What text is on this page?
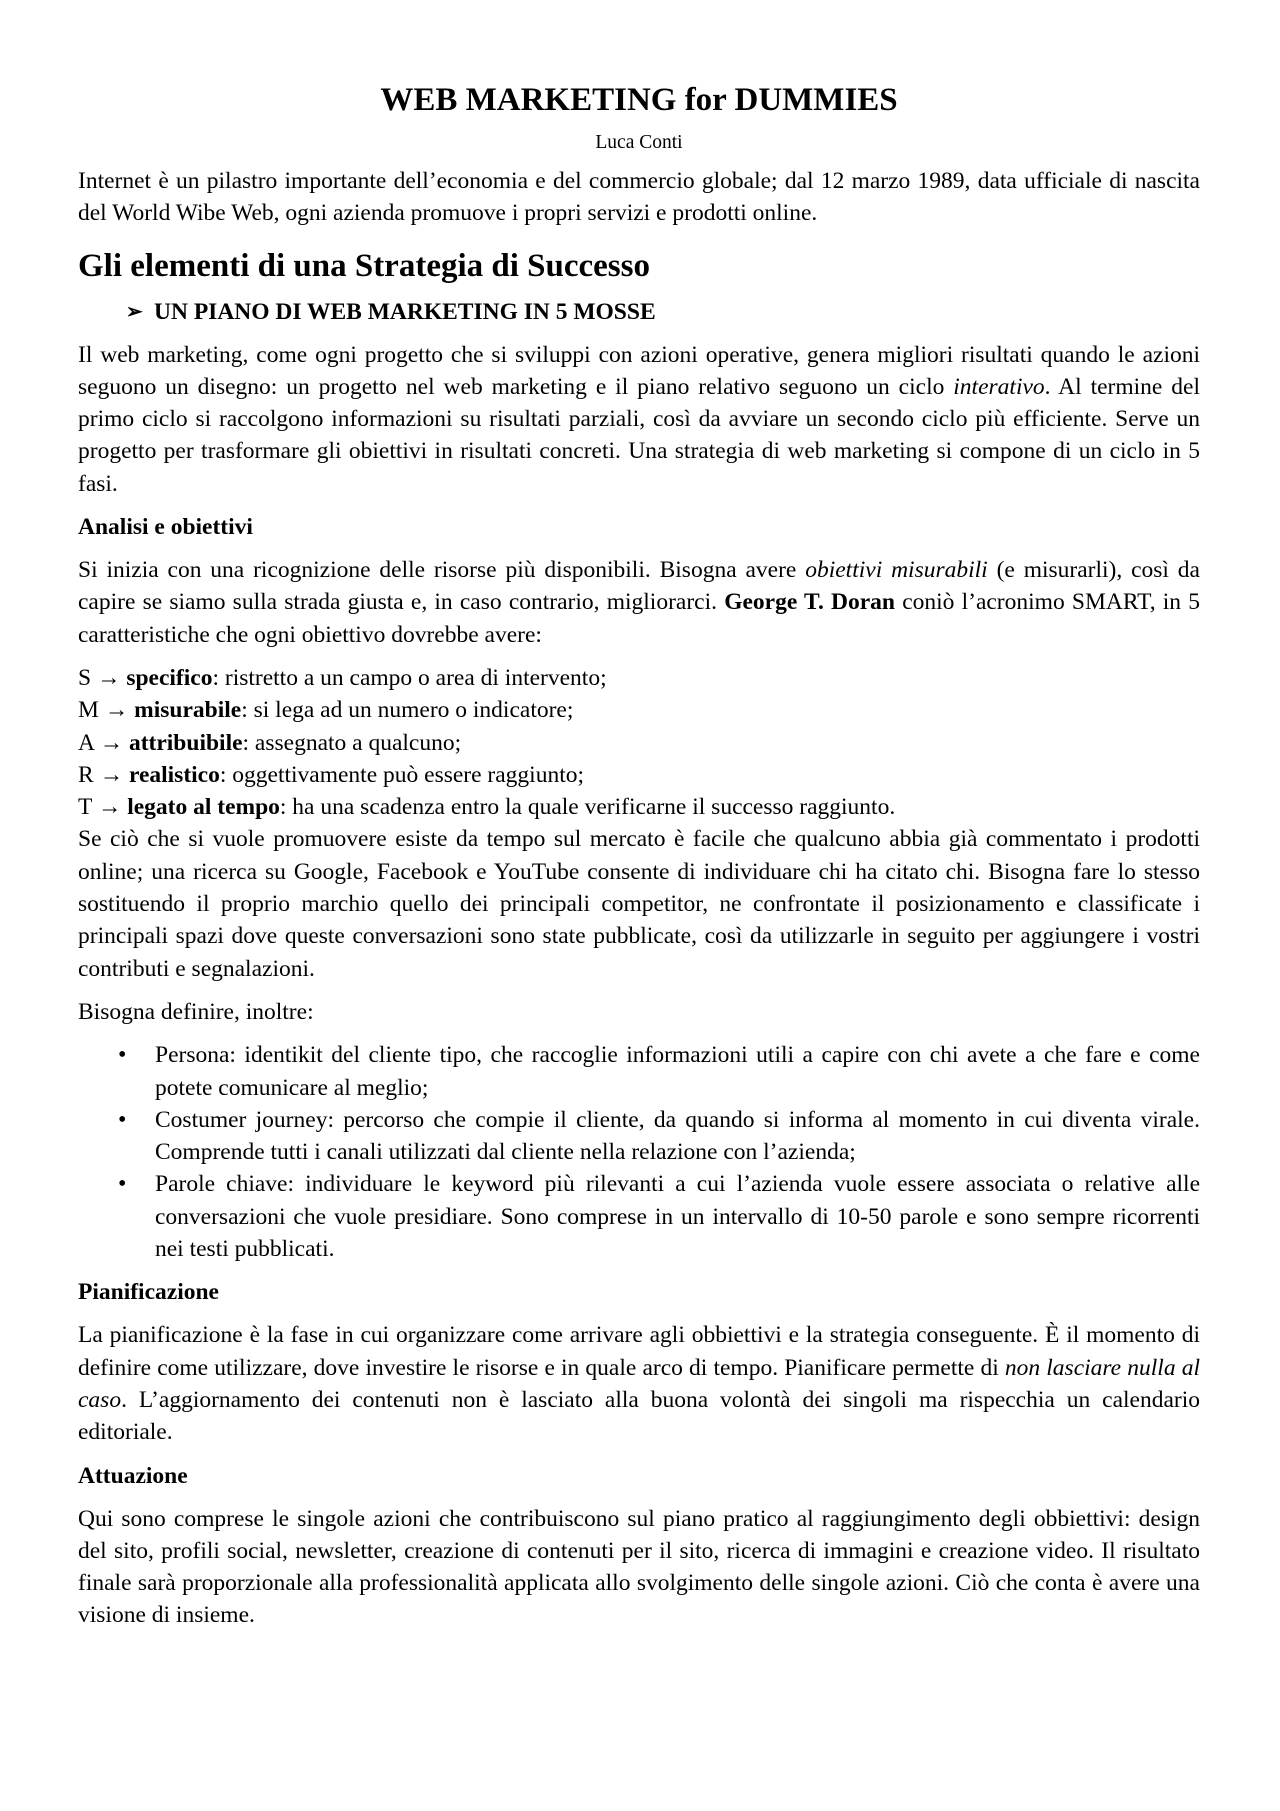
WEB MARKETING for DUMMIES
Luca Conti

Internet è un pilastro importante dell’economia e del commercio globale; dal 12 marzo 1989, data ufficiale di nascita del World Wibe Web, ogni azienda promuove i propri servizi e prodotti online.

Gli elementi di una Strategia di Successo
➢ UN PIANO DI WEB MARKETING IN 5 MOSSE

Il web marketing, come ogni progetto che si sviluppi con azioni operative, genera migliori risultati quando le azioni seguono un disegno: un progetto nel web marketing e il piano relativo seguono un ciclo interativo. Al termine del primo ciclo si raccolgono informazioni su risultati parziali, così da avviare un secondo ciclo più efficiente. Serve un progetto per trasformare gli obiettivi in risultati concreti. Una strategia di web marketing si compone di un ciclo in 5 fasi.

Analisi e obiettivi

Si inizia con una ricognizione delle risorse più disponibili. Bisogna avere obiettivi misurabili (e misurarli), così da capire se siamo sulla strada giusta e, in caso contrario, migliorarci. George T. Doran coniò l’acronimo SMART, in 5 caratteristiche che ogni obiettivo dovrebbe avere:

S → specifico: ristretto a un campo o area di intervento;
M → misurabile: si lega ad un numero o indicatore;
A → attribuibile: assegnato a qualcuno;
R → realistico: oggettivamente può essere raggiunto;
T → legato al tempo: ha una scadenza entro la quale verificarne il successo raggiunto.

Se ciò che si vuole promuovere esiste da tempo sul mercato è facile che qualcuno abbia già commentato i prodotti online; una ricerca su Google, Facebook e YouTube consente di individuare chi ha citato chi. Bisogna fare lo stesso sostituendo il proprio marchio quello dei principali competitor, ne confrontate il posizionamento e classificate i principali spazi dove queste conversazioni sono state pubblicate, così da utilizzarle in seguito per aggiungere i vostri contributi e segnalazioni.

Bisogna definire, inoltre:

• Persona: identikit del cliente tipo, che raccoglie informazioni utili a capire con chi avete a che fare e come potete comunicare al meglio;
• Costumer journey: percorso che compie il cliente, da quando si informa al momento in cui diventa virale. Comprende tutti i canali utilizzati dal cliente nella relazione con l’azienda;
• Parole chiave: individuare le keyword più rilevanti a cui l’azienda vuole essere associata o relative alle conversazioni che vuole presidiare. Sono comprese in un intervallo di 10-50 parole e sono sempre ricorrenti nei testi pubblicati.
Pianificazione

La pianificazione è la fase in cui organizzare come arrivare agli obbiettivi e la strategia conseguente. È il momento di definire come utilizzare, dove investire le risorse e in quale arco di tempo. Pianificare permette di non lasciare nulla al caso. L’aggiornamento dei contenuti non è lasciato alla buona volontà dei singoli ma rispecchia un calendario editoriale.

Attuazione

Qui sono comprese le singole azioni che contribuiscono sul piano pratico al raggiungimento degli obbiettivi: design del sito, profili social, newsletter, creazione di contenuti per il sito, ricerca di immagini e creazione video. Il risultato finale sarà proporzionale alla professionalità applicata allo svolgimento delle singole azioni. Ciò che conta è avere una visione di insieme.
